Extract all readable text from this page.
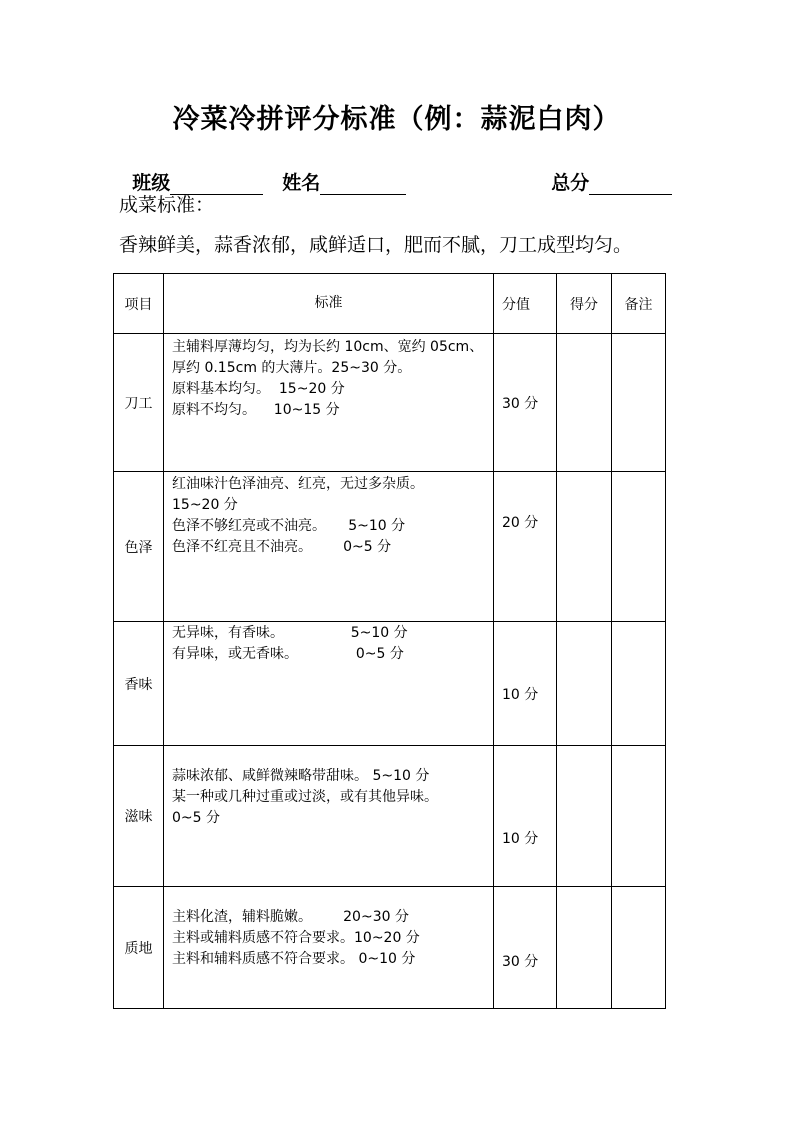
冷菜冷拼评分标准（例：蒜泥白肉）

班级	姓名	总分

成菜标准：
香辣鲜美，蒜香浓郁，咸鲜适口，肥而不腻，刀工成型均匀。
项目	标准	分值	得分	备注
刀工	主辅料厚薄均匀，均为长约 10cm、宽约 05cm、
厚约 0.15cm 的大薄片。25~30 分。
原料基本均匀。  15~20 分
原料不均匀。    10~15 分	30 分		

色泽	红油味汁色泽油亮、红亮，无过多杂质。
15~20 分
色泽不够红亮或不油亮。     5~10 分
色泽不红亮且不油亮。       0~5 分	20 分		

香味	无异味，有香味。               5~10 分
有异味，或无香味。             0~5 分	10 分		

滋味	蒜味浓郁、咸鲜微辣略带甜味。 5~10 分
某一种或几种过重或过淡，或有其他异味。
0~5 分	10 分		

质地	主料化渣，辅料脆嫩。       20~30 分
主料或辅料质感不符合要求。10~20 分
主料和辅料质感不符合要求。 0~10 分	30 分		
